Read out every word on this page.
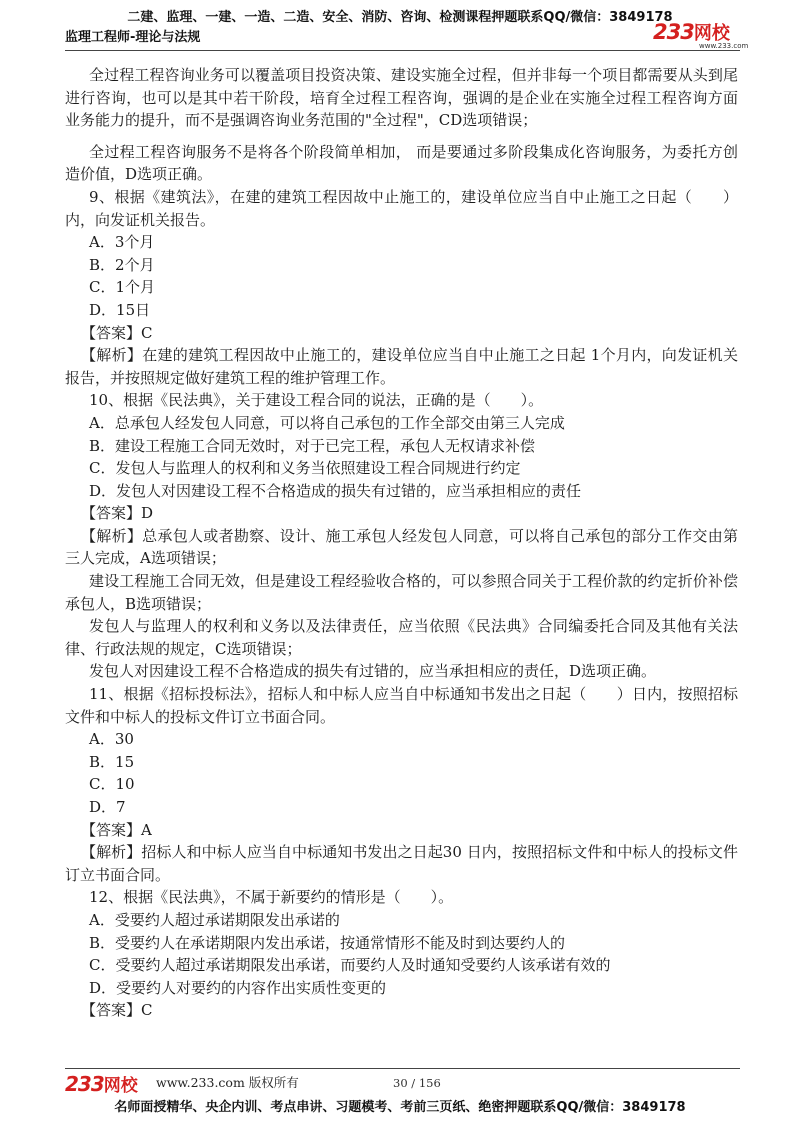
二建、监理、一建、一造、二造、安全、消防、咨询、检测课程押题联系QQ/微信：3849178
监理工程师-理论与法规	233网校
www.233.com

全过程工程咨询业务可以覆盖项目投资决策、建设实施全过程，但并非每一个项目都需要从头到尾进行咨询，也可以是其中若干阶段，培育全过程工程咨询，强调的是企业在实施全过程工程咨询方面业务能力的提升，而不是强调咨询业务范围的"全过程"，CD选项错误；

全过程工程咨询服务不是将各个阶段简单相加， 而是要通过多阶段集成化咨询服务，为委托方创造价值，D选项正确。

9、根据《建筑法》，在建的建筑工程因故中止施工的，建设单位应当自中止施工之日起（　　）内，向发证机关报告。

A．3个月

B．2个月

C．1个月

D．15日

【答案】C

【解析】在建的建筑工程因故中止施工的，建设单位应当自中止施工之日起 1个月内，向发证机关报告，并按照规定做好建筑工程的维护管理工作。

10、根据《民法典》，关于建设工程合同的说法，正确的是（　　）。

A．总承包人经发包人同意，可以将自己承包的工作全部交由第三人完成

B．建设工程施工合同无效时，对于已完工程，承包人无权请求补偿

C．发包人与监理人的权利和义务当依照建设工程合同规进行约定

D．发包人对因建设工程不合格造成的损失有过错的，应当承担相应的责任

【答案】D

【解析】总承包人或者勘察、设计、施工承包人经发包人同意，可以将自己承包的部分工作交由第三人完成，A选项错误；

建设工程施工合同无效，但是建设工程经验收合格的，可以参照合同关于工程价款的约定折价补偿承包人，B选项错误；

发包人与监理人的权利和义务以及法律责任，应当依照《民法典》合同编委托合同及其他有关法律、行政法规的规定，C选项错误；

发包人对因建设工程不合格造成的损失有过错的，应当承担相应的责任，D选项正确。

11、根据《招标投标法》，招标人和中标人应当自中标通知书发出之日起（　　）日内，按照招标文件和中标人的投标文件订立书面合同。

A．30

B．15

C．10

D．7

【答案】A

【解析】招标人和中标人应当自中标通知书发出之日起30 日内，按照招标文件和中标人的投标文件订立书面合同。

12、根据《民法典》，不属于新要约的情形是（　　）。

A．受要约人超过承诺期限发出承诺的

B．受要约人在承诺期限内发出承诺，按通常情形不能及时到达要约人的

C．受要约人超过承诺期限发出承诺，而要约人及时通知受要约人该承诺有效的

D．受要约人对要约的内容作出实质性变更的

【答案】C

233网校 www.233.com 版权所有	30 / 156
名师面授精华、央企内训、考点串讲、习题模考、考前三页纸、绝密押题联系QQ/微信：3849178
